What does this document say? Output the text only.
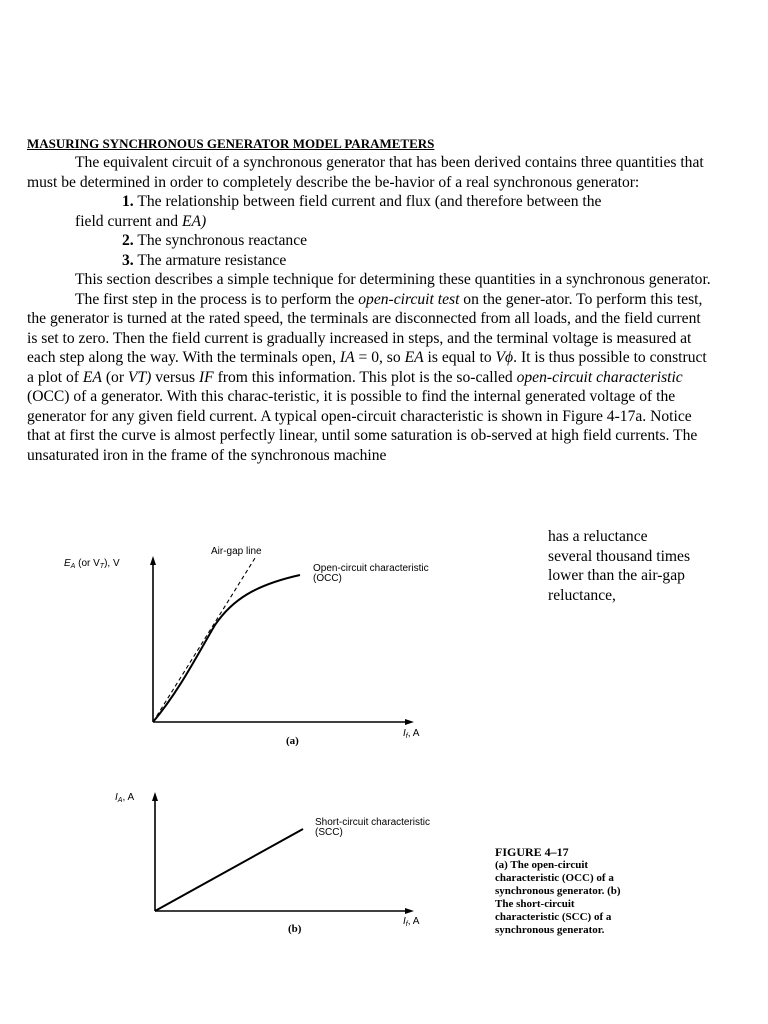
MASURING SYNCHRONOUS GENERATOR MODEL PARAMETERS

The equivalent circuit of a synchronous generator that has been derived contains three quantities that must be determined in order to completely describe the be-havior of a real synchronous generator:

1. The relationship between field current and flux (and therefore between the

field current and EA)

2. The synchronous reactance

3. The armature resistance

This section describes a simple technique for determining these quantities in a synchronous generator.

The first step in the process is to perform the open-circuit test on the gener-ator. To perform this test, the generator is turned at the rated speed, the terminals are disconnected from all loads, and the field current is set to zero. Then the field current is gradually increased in steps, and the terminal voltage is measured at each step along the way. With the terminals open, IA = 0, so EA is equal to Vϕ. It is thus possible to construct a plot of EA (or VT) versus IF from this information. This plot is the so-called open-circuit characteristic (OCC) of a generator. With this charac-teristic, it is possible to find the internal generated voltage of the generator for any given field current. A typical open-circuit characteristic is shown in Figure 4-17a. Notice that at first the curve is almost perfectly linear, until some saturation is ob-served at high field currents. The unsaturated iron in the frame of the synchronous machine

has a reluctance
several thousand times
lower than the air-gap
reluctance,
$E_A$ (or $V_T$), V
Air-gap line
Open-circuit characteristic
(OCC)
$I_f$, A
(a)
$I_A$, A
Short-circuit characteristic
(SCC)
$I_f$, A
(b)
FIGURE 4–17
(a) The open-circuit
characteristic (OCC) of a
synchronous generator. (b)
The short-circuit
characteristic (SCC) of a
synchronous generator.
